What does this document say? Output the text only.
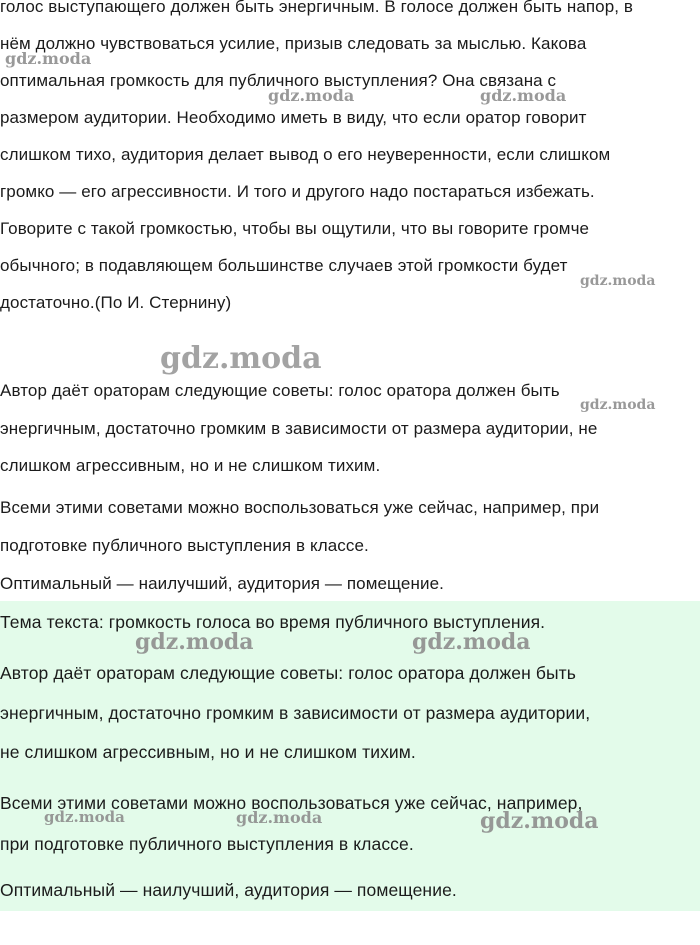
голос выступающего должен быть энергичным. В голосе должен быть напор, в
нём должно чувствоваться усилие, призыв следовать за мыслью. Какова
оптимальная громкость для публичного выступления? Она связана с
размером аудитории. Необходимо иметь в виду, что если оратор говорит
слишком тихо, аудитория делает вывод о его неуверенности, если слишком
громко — его агрессивности. И того и другого надо постараться избежать.
Говорите с такой громкостью, чтобы вы ощутили, что вы говорите громче
обычного; в подавляющем большинстве случаев этой громкости будет
достаточно.(По И. Стернину)
Автор даёт ораторам следующие советы: голос оратора должен быть
энергичным, достаточно громким в зависимости от размера аудитории, не
слишком агрессивным, но и не слишком тихим.
Всеми этими советами можно воспользоваться уже сейчас, например, при
подготовке публичного выступления в классе.
Оптимальный — наилучший, аудитория — помещение.
Тема текста: громкость голоса во время публичного выступления.
Автор даёт ораторам следующие советы: голос оратора должен быть
энергичным, достаточно громким в зависимости от размера аудитории,
не слишком агрессивным, но и не слишком тихим.
Всеми этими советами можно воспользоваться уже сейчас, например,
при подготовке публичного выступления в классе.
Оптимальный — наилучший, аудитория — помещение.
gdz.moda
gdz.moda	gdz.moda
gdz.moda
gdz.moda
gdz.moda
gdz.moda	gdz.moda
gdz.moda	gdz.moda	gdz.moda
